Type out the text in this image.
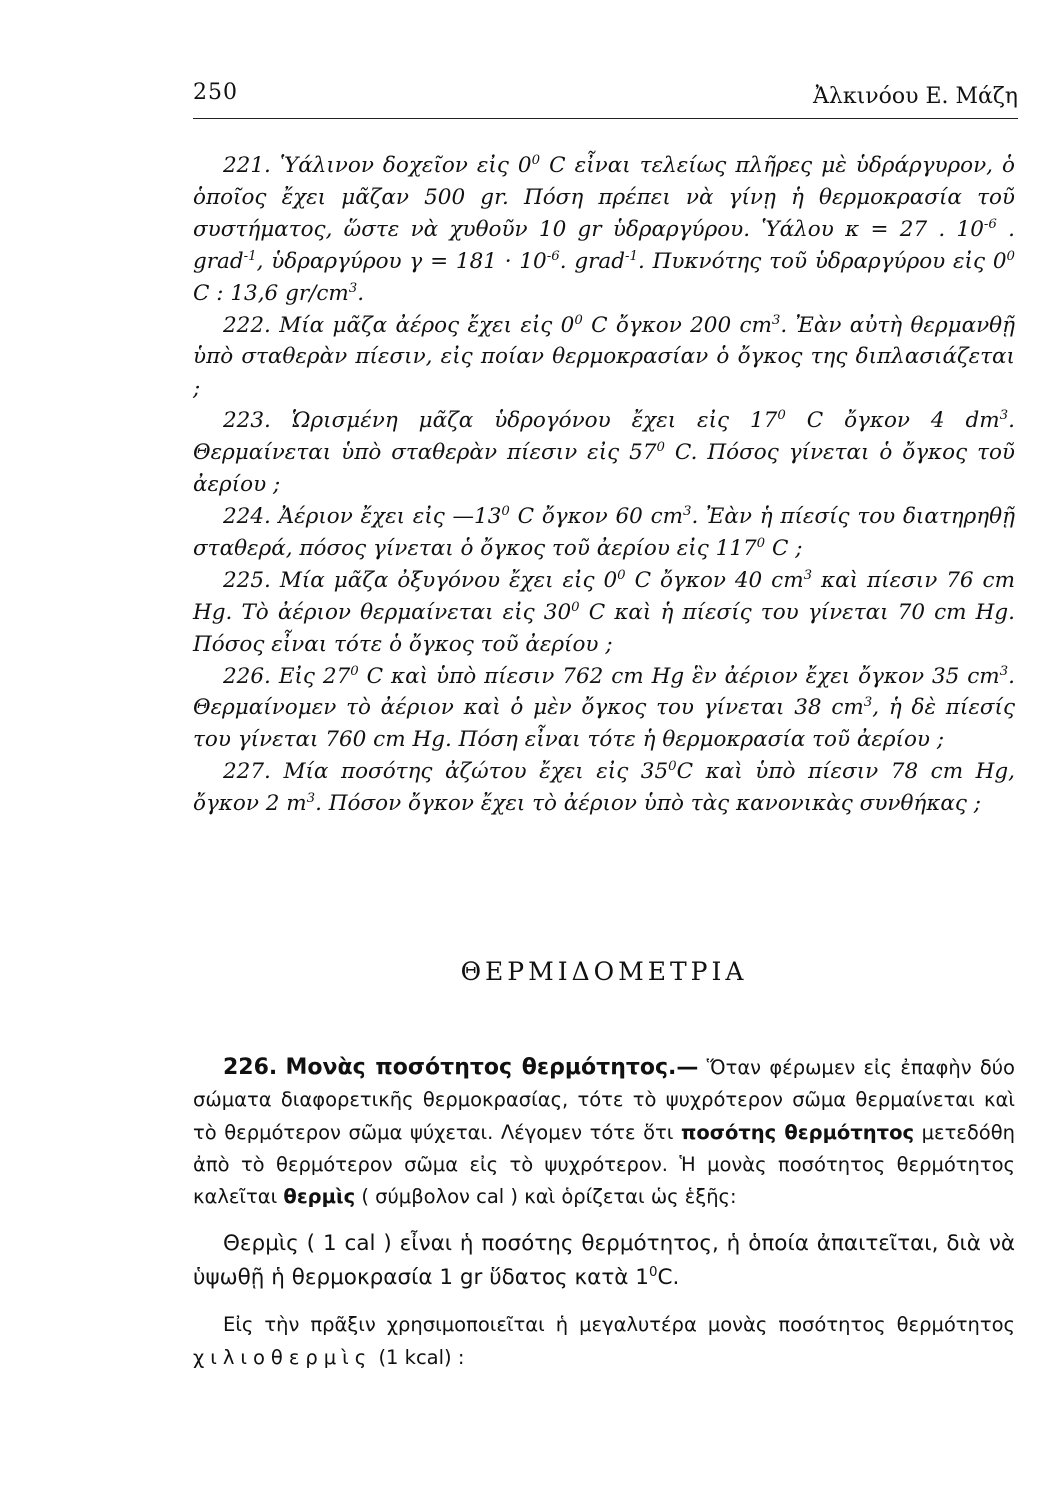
250	Ἀλκινόου Ε. Μάζη

221. Ὑάλινον δοχεῖον εἰς $0^0$ C εἶναι τελείως πλῆρες μὲ ὑδράργυρον, ὁ ὁποῖος ἔχει μᾶζαν 500 gr. Πόση πρέπει νὰ γίνῃ ἡ θερμοκρασία τοῦ συστήματος, ὥστε νὰ χυθοῦν 10 gr ὑδραργύρου. Ὑάλου κ = 27 . $10^{-6}$ . grad$^{-1}$, ὑδραργύρου $\gamma = 181 \cdot 10^{-6}$. grad$^{-1}$. Πυκνότης τοῦ ὑδραργύρου εἰς $0^0$ C : 13,6 $gr/cm^3$.

222. Μία μᾶζα ἀέρος ἔχει εἰς $0^0$ C ὄγκον 200 $cm^3$. Ἐὰν αὐτὴ θερμανθῇ ὑπὸ σταθερὰν πίεσιν, εἰς ποίαν θερμοκρασίαν ὁ ὄγκος της διπλασιάζεται ;

223. Ὡρισμένη μᾶζα ὑδρογόνου ἔχει εἰς $17^0$ C ὄγκον 4 $dm^3$. Θερμαίνεται ὑπὸ σταθερὰν πίεσιν εἰς $57^0$ C. Πόσος γίνεται ὁ ὄγκος τοῦ ἀερίου ;

224. Ἀέριον ἔχει εἰς $—13^0$ C ὄγκον 60 $cm^3$. Ἐὰν ἡ πίεσίς του διατηρηθῇ σταθερά, πόσος γίνεται ὁ ὄγκος τοῦ ἀερίου εἰς $117^0$ C ;

225. Μία μᾶζα ὀξυγόνου ἔχει εἰς $0^0$ C ὄγκον 40 $cm^3$ καὶ πίεσιν 76 cm Hg. Τὸ ἀέριον θερμαίνεται εἰς $30^0$ C καὶ ἡ πίεσίς του γίνεται 70 cm Hg. Πόσος εἶναι τότε ὁ ὄγκος τοῦ ἀερίου ;

226. Εἰς $27^0$ C καὶ ὑπὸ πίεσιν 762 cm Hg ἓν ἀέριον ἔχει ὄγκον 35 $cm^3$. Θερμαίνομεν τὸ ἀέριον καὶ ὁ μὲν ὄγκος του γίνεται 38 $cm^3$, ἡ δὲ πίεσίς του γίνεται 760 cm Hg. Πόση εἶναι τότε ἡ θερμοκρασία τοῦ ἀερίου ;

227. Μία ποσότης ἀζώτου ἔχει εἰς $35^0C$ καὶ ὑπὸ πίεσιν 78 cm Hg, ὄγκον 2 $m^3$. Πόσον ὄγκον ἔχει τὸ ἀέριον ὑπὸ τὰς κανονικὰς συνθήκας ;

ΘΕΡΜΙΔΟΜΕΤΡΙΑ

226. Μονὰς ποσότητος θερμότητος.— Ὅταν φέρωμεν εἰς ἐπαφὴν δύο σώματα διαφορετικῆς θερμοκρασίας, τότε τὸ ψυχρότερον σῶμα θερμαίνεται καὶ τὸ θερμότερον σῶμα ψύχεται. Λέγομεν τότε ὅτι ποσότης θερμότητος μετεδόθη ἀπὸ τὸ θερμότερον σῶμα εἰς τὸ ψυχρότερον. Ἡ μονὰς ποσότητος θερμότητος καλεῖται θερμὶς ( σύμβολον cal ) καὶ ὁρίζεται ὡς ἑξῆς:

Θερμὶς ( 1 cal ) εἶναι ἡ ποσότης θερμότητος, ἡ ὁποία ἀπαιτεῖται, διὰ νὰ ὑψωθῇ ἡ θερμοκρασία 1 gr ὕδατος κατὰ $1^0C$.

Εἰς τὴν πρᾶξιν χρησιμοποιεῖται ἡ μεγαλυτέρα μονὰς ποσότητος θερμότητος χιλιοθερμὶς (1 kcal) :
